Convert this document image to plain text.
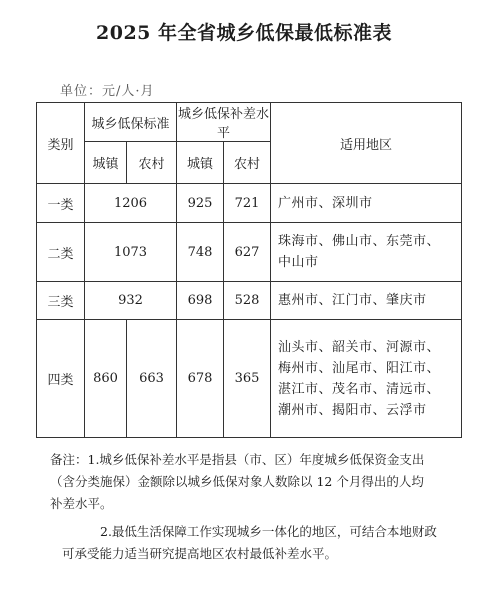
2025 年全省城乡低保最低标准表
单位：元/人·月
类别	城乡低保标准		城乡低保补差水平		适用地区
	城镇	农村	城镇	农村	
一类	1206		925	721	广州市、深圳市

二类	1073		748	627	珠海市、佛山市、东莞市、
中山市

三类	932		698	528	惠州市、江门市、肇庆市

四类	860	663	678	365	汕头市、韶关市、河源市、
梅州市、汕尾市、阳江市、
湛江市、茂名市、清远市、
潮州市、揭阳市、云浮市

备注：1.城乡低保补差水平是指县（市、区）年度城乡低保资金支出

（含分类施保）金额除以城乡低保对象人数除以 12 个月得出的人均

补差水平。

2.最低生活保障工作实现城乡一体化的地区，可结合本地财政

可承受能力适当研究提高地区农村最低补差水平。
